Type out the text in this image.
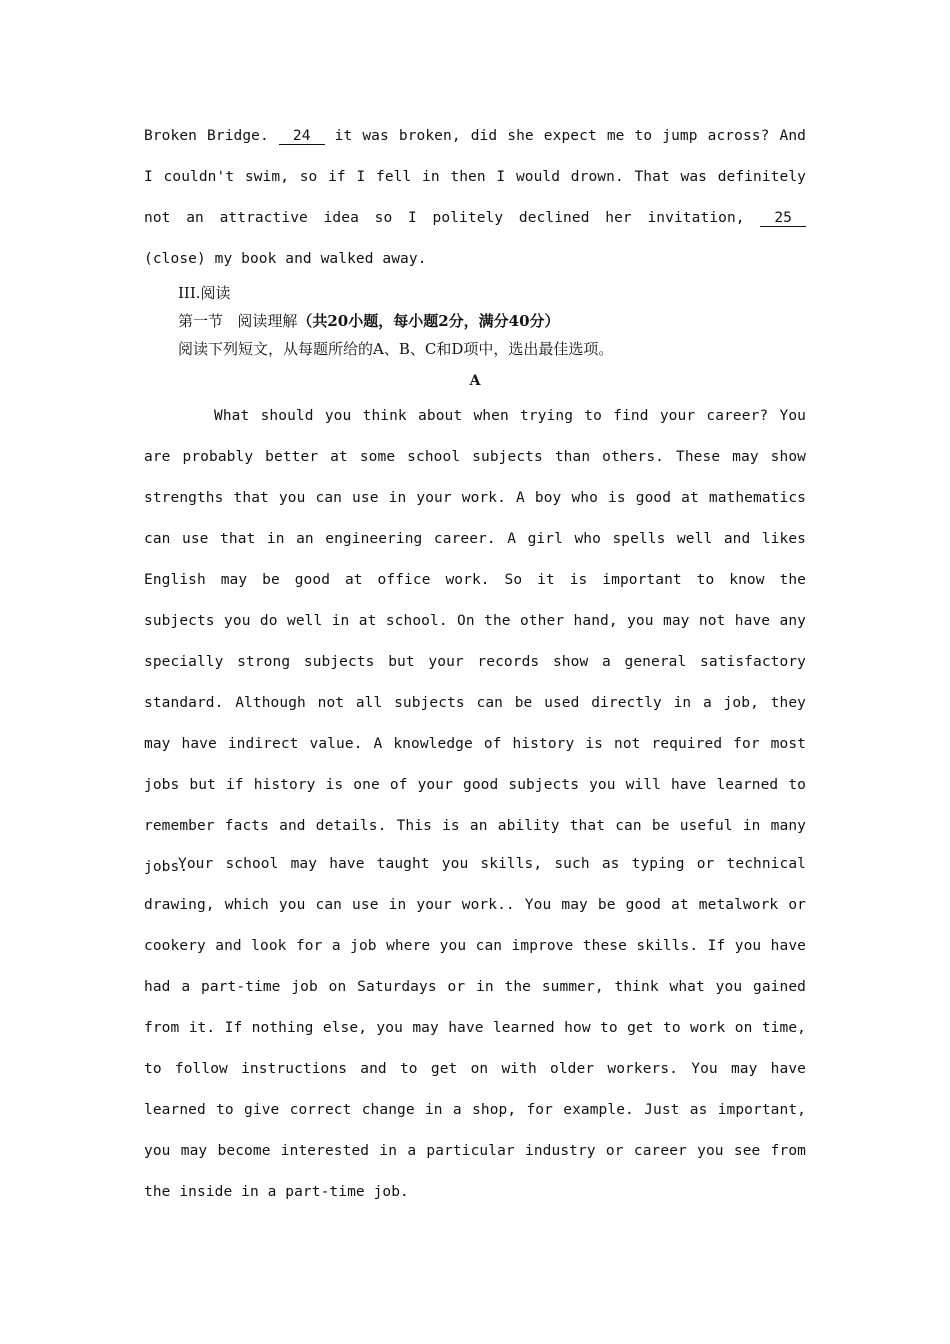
Broken Bridge. 24 it was broken, did she expect me to jump across? And I couldn't swim, so if I fell in then I would drown. That was definitely not an attractive idea so I politely declined her invitation, 25 (close) my book and walked away.

III.阅读
第一节 阅读理解（共20小题，每小题2分，满分40分）
阅读下列短文，从每题所给的A、B、C和D项中，选出最佳选项。
A

What should you think about when trying to find your career? You are probably better at some school subjects than others. These may show strengths that you can use in your work. A boy who is good at mathematics can use that in an engineering career. A girl who spells well and likes English may be good at office work. So it is important to know the subjects you do well in at school. On the other hand, you may not have any specially strong subjects but your records show a general satisfactory standard. Although not all subjects can be used directly in a job, they may have indirect value. A knowledge of history is not required for most jobs but if history is one of your good subjects you will have learned to remember facts and details. This is an ability that can be useful in many jobs.

Your school may have taught you skills, such as typing or technical drawing, which you can use in your work.. You may be good at metalwork or cookery and look for a job where you can improve these skills. If you have had a part-time job on Saturdays or in the summer, think what you gained from it. If nothing else, you may have learned how to get to work on time, to follow instructions and to get on with older workers. You may have learned to give correct change in a shop, for example. Just as important, you may become interested in a particular industry or career you see from the inside in a part-time job.
